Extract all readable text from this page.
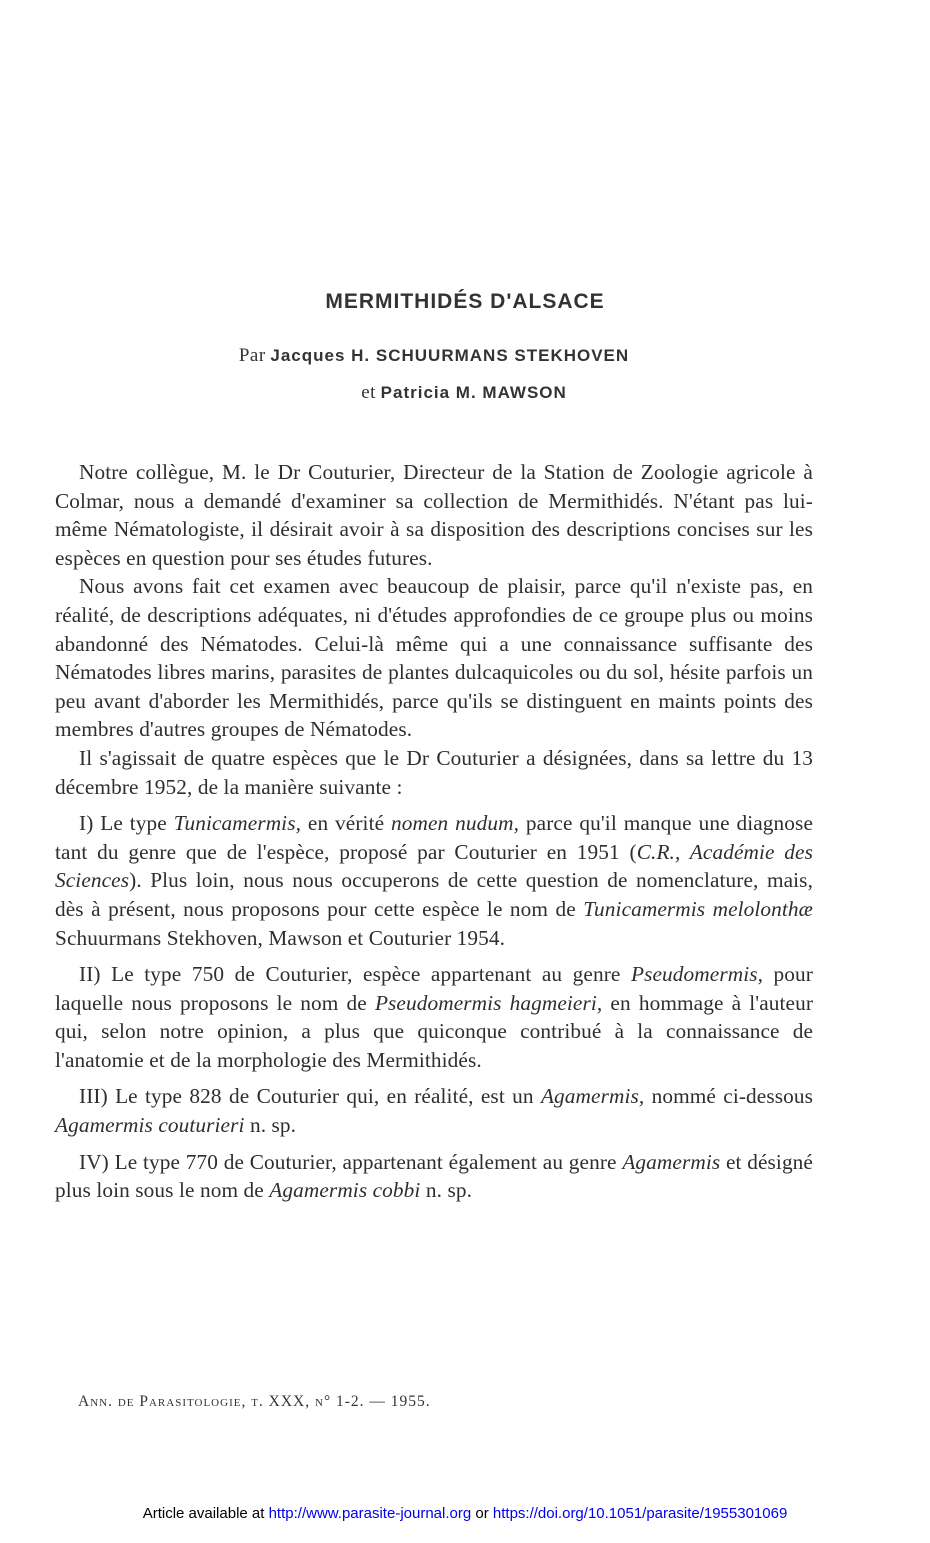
MERMITHIDÉS D'ALSACE
Par Jacques H. SCHUURMANS STEKHOVEN
et Patricia M. MAWSON

Notre collègue, M. le Dr Couturier, Directeur de la Station de Zoologie agricole à Colmar, nous a demandé d'examiner sa collection de Mermithidés. N'étant pas lui-même Nématologiste, il désirait avoir à sa disposition des descriptions concises sur les espèces en question pour ses études futures.

Nous avons fait cet examen avec beaucoup de plaisir, parce qu'il n'existe pas, en réalité, de descriptions adéquates, ni d'études approfondies de ce groupe plus ou moins abandonné des Nématodes. Celui-là même qui a une connaissance suffisante des Nématodes libres marins, parasites de plantes dulcaquicoles ou du sol, hésite parfois un peu avant d'aborder les Mermithidés, parce qu'ils se distinguent en maints points des membres d'autres groupes de Nématodes.

Il s'agissait de quatre espèces que le Dr Couturier a désignées, dans sa lettre du 13 décembre 1952, de la manière suivante :

I) Le type Tunicamermis, en vérité nomen nudum, parce qu'il manque une diagnose tant du genre que de l'espèce, proposé par Couturier en 1951 (C.R., Académie des Sciences). Plus loin, nous nous occuperons de cette question de nomenclature, mais, dès à présent, nous proposons pour cette espèce le nom de Tunicamermis melolonthæ Schuurmans Stekhoven, Mawson et Couturier 1954.

II) Le type 750 de Couturier, espèce appartenant au genre Pseudomermis, pour laquelle nous proposons le nom de Pseudomermis hagmeieri, en hommage à l'auteur qui, selon notre opinion, a plus que quiconque contribué à la connaissance de l'anatomie et de la morphologie des Mermithidés.

III) Le type 828 de Couturier qui, en réalité, est un Agamermis, nommé ci-dessous Agamermis couturieri n. sp.

IV) Le type 770 de Couturier, appartenant également au genre Agamermis et désigné plus loin sous le nom de Agamermis cobbi n. sp.

Ann. de Parasitologie, t. XXX, n° 1-2. — 1955.
Article available at http://www.parasite-journal.org or https://doi.org/10.1051/parasite/1955301069
